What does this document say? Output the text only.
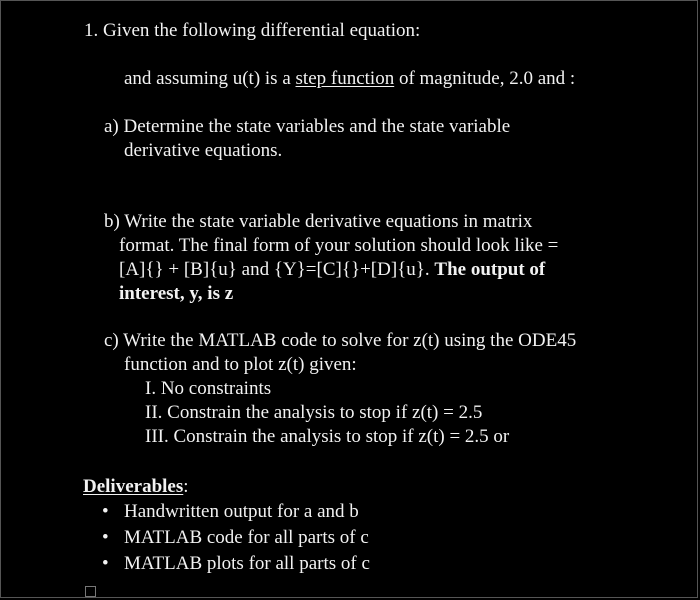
1. Given the following differential equation:
and assuming u(t) is a step function of magnitude, 2.0 and :
a) Determine the state variables and the state variable
derivative equations.
b) Write the state variable derivative equations in matrix
format. The final form of your solution should look like =
[A]{} + [B]{u} and {Y}=[C]{}+[D]{u}. The output of
interest, y, is z
c) Write the MATLAB code to solve for z(t) using the ODE45
function and to plot z(t) given:
I. No constraints
II. Constrain the analysis to stop if z(t) = 2.5
III. Constrain the analysis to stop if z(t) = 2.5 or
Deliverables:
• Handwritten output for a and b
• MATLAB code for all parts of c
• MATLAB plots for all parts of c
